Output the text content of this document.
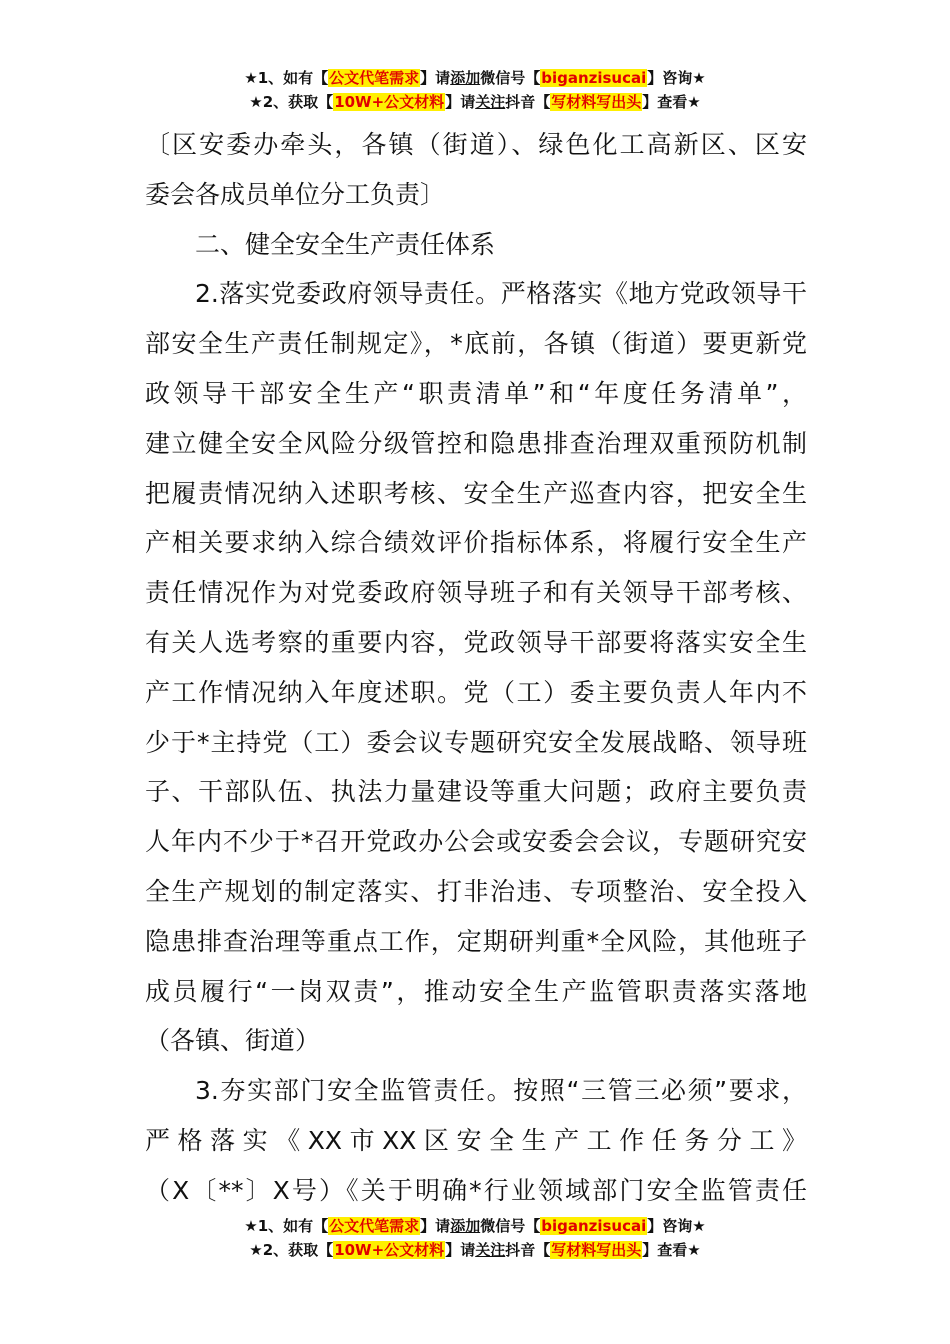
★1、如有【公文代笔需求】请添加微信号【biganzisucai】咨询★
★2、获取【10W+公文材料】请关注抖音【写材料写出头】查看★
〔区安委办牵头，各镇（街道）、绿色化工高新区、区安
委会各成员单位分工负责〕
二、健全安全生产责任体系
2.落实党委政府领导责任。严格落实《地方党政领导干
部安全生产责任制规定》，*底前，各镇（街道）要更新党
政领导干部安全生产“职责清单”和“年度任务清单”，
建立健全安全风险分级管控和隐患排查治理双重预防机制
把履责情况纳入述职考核、安全生产巡查内容，把安全生
产相关要求纳入综合绩效评价指标体系，将履行安全生产
责任情况作为对党委政府领导班子和有关领导干部考核、
有关人选考察的重要内容，党政领导干部要将落实安全生
产工作情况纳入年度述职。党（工）委主要负责人年内不
少于*主持党（工）委会议专题研究安全发展战略、领导班
子、干部队伍、执法力量建设等重大问题；政府主要负责
人年内不少于*召开党政办公会或安委会会议，专题研究安
全生产规划的制定落实、打非治违、专项整治、安全投入
隐患排查治理等重点工作，定期研判重*全风险，其他班子
成员履行“一岗双责”，推动安全生产监管职责落实落地
（各镇、街道）
3.夯实部门安全监管责任。按照“三管三必须”要求，
严格落实《XX市XX区安全生产工作任务分工》
（X〔**〕X号）《关于明确*行业领域部门安全监管责任
★1、如有【公文代笔需求】请添加微信号【biganzisucai】咨询★
★2、获取【10W+公文材料】请关注抖音【写材料写出头】查看★
